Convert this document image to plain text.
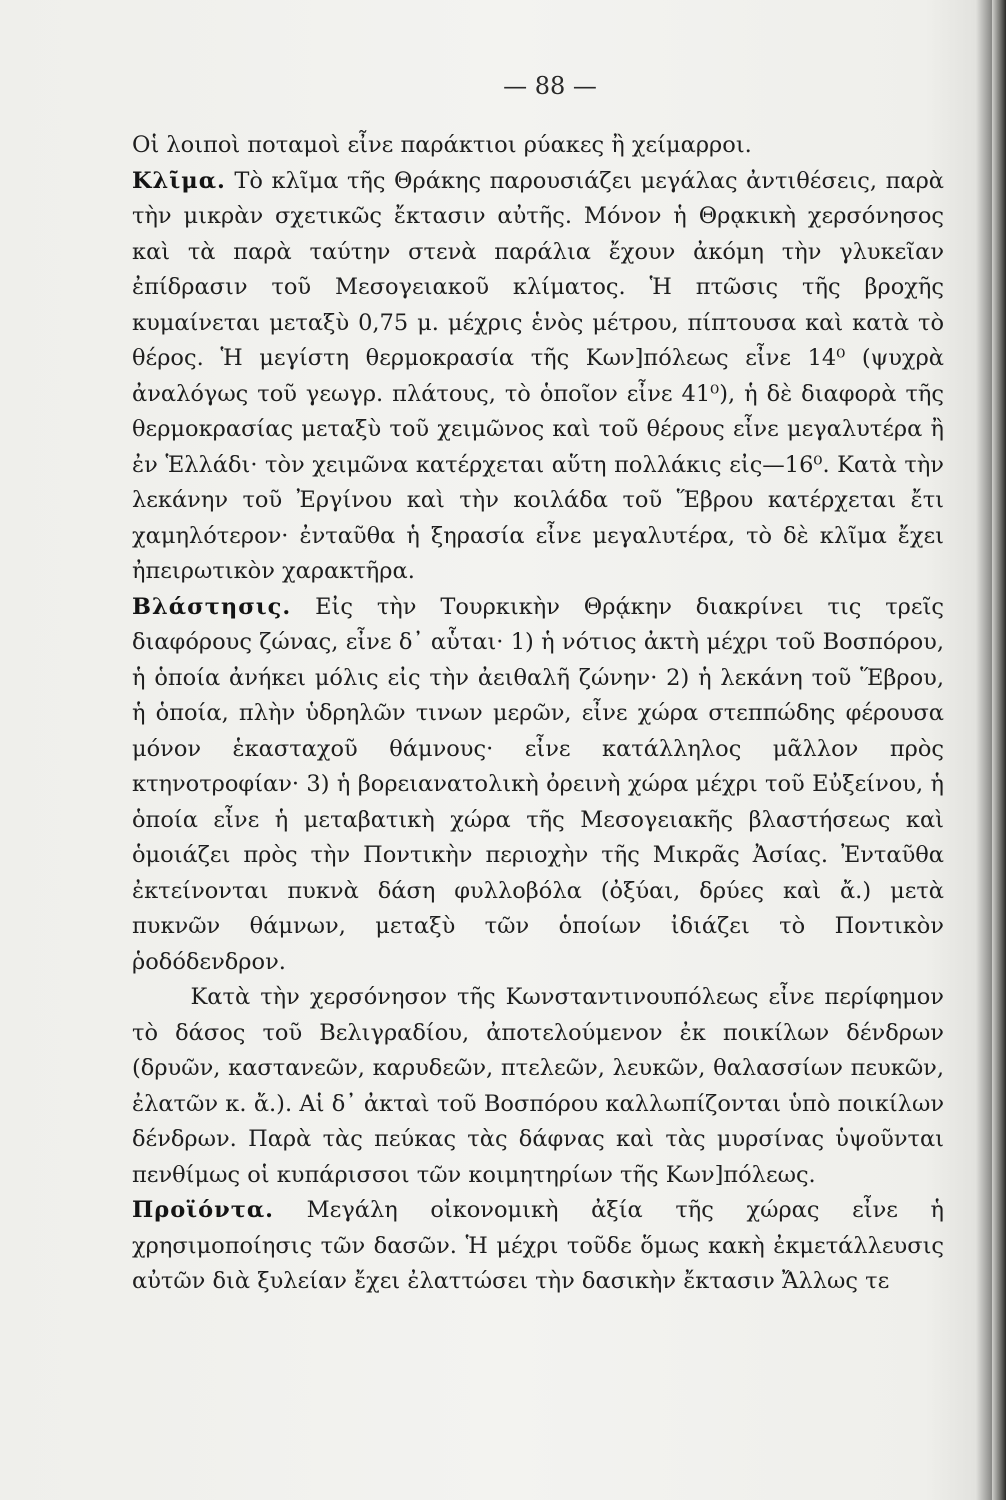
— 88 —

Οἱ λοιποὶ ποταμοὶ εἶνε παράκτιοι ρύακες ἢ χείμαρροι.

Κλῖμα. Τὸ κλῖμα τῆς Θράκης παρουσιάζει μεγάλας ἀντιθέσεις, παρὰ τὴν μικρὰν σχετικῶς ἔκτασιν αὐτῆς. Μόνον ἡ Θρᾳκικὴ χερσόνησος καὶ τὰ παρὰ ταύτην στενὰ παράλια ἔχουν ἀκόμη τὴν γλυκεῖαν ἐπίδρασιν τοῦ Μεσογειακοῦ κλίματος. Ἡ πτῶσις τῆς βροχῆς κυμαίνεται μεταξὺ 0,75 μ. μέχρις ἑνὸς μέτρου, πίπτουσα καὶ κατὰ τὸ θέρος. Ἡ μεγίστη θερμοκρασία τῆς Κων]πόλεως εἶνε 14⁰ (ψυχρὰ ἀναλόγως τοῦ γεωγρ. πλάτους, τὸ ὁποῖον εἶνε 41⁰), ἡ δὲ διαφορὰ τῆς θερμοκρασίας μεταξὺ τοῦ χειμῶνος καὶ τοῦ θέρους εἶνε μεγαλυτέρα ἢ ἐν Ἑλλάδι· τὸν χειμῶνα κατέρχεται αὕτη πολλάκις εἰς—16⁰. Κατὰ τὴν λεκάνην τοῦ Ἐργίνου καὶ τὴν κοιλάδα τοῦ Ἕβρου κατέρχεται ἔτι χαμηλότερον· ἐνταῦθα ἡ ξηρασία εἶνε μεγαλυτέρα, τὸ δὲ κλῖμα ἔχει ἠπειρωτικὸν χαρακτῆρα.

Βλάστησις. Εἰς τὴν Τουρκικὴν Θρᾴκην διακρίνει τις τρεῖς διαφόρους ζώνας, εἶνε δ᾽ αὗται· 1) ἡ νότιος ἀκτὴ μέχρι τοῦ Βοσπόρου, ἡ ὁποία ἀνήκει μόλις εἰς τὴν ἀειθαλῆ ζώνην· 2) ἡ λεκάνη τοῦ Ἕβρου, ἡ ὁποία, πλὴν ὑδρηλῶν τινων μερῶν, εἶνε χώρα στεππώδης φέρουσα μόνον ἑκασταχοῦ θάμνους· εἶνε κατάλληλος μᾶλλον πρὸς κτηνοτροφίαν· 3) ἡ βορειανατολικὴ ὀρεινὴ χώρα μέχρι τοῦ Εὐξείνου, ἡ ὁποία εἶνε ἡ μεταβατικὴ χώρα τῆς Μεσογειακῆς βλαστήσεως καὶ ὁμοιάζει πρὸς τὴν Ποντικὴν περιοχὴν τῆς Μικρᾶς Ἀσίας. Ἐνταῦθα ἐκτείνονται πυκνὰ δάση φυλλοβόλα (ὀξύαι, δρύες καὶ ἄ.) μετὰ πυκνῶν θάμνων, μεταξὺ τῶν ὁποίων ἰδιάζει τὸ Ποντικὸν ῥοδόδενδρον.

Κατὰ τὴν χερσόνησον τῆς Κωνσταντινουπόλεως εἶνε περίφημον τὸ δάσος τοῦ Βελιγραδίου, ἀποτελούμενον ἐκ ποικίλων δένδρων (δρυῶν, καστανεῶν, καρυδεῶν, πτελεῶν, λευκῶν, θαλασσίων πευκῶν, ἐλατῶν κ. ἄ.). Αἱ δ᾽ ἀκταὶ τοῦ Βοσπόρου καλλωπίζονται ὑπὸ ποικίλων δένδρων. Παρὰ τὰς πεύκας τὰς δάφνας καὶ τὰς μυρσίνας ὑψοῦνται πενθίμως οἱ κυπάρισσοι τῶν κοιμητηρίων τῆς Κων]πόλεως.

Προϊόντα. Μεγάλη οἰκονομικὴ ἀξία τῆς χώρας εἶνε ἡ χρησιμοποίησις τῶν δασῶν. Ἡ μέχρι τοῦδε ὅμως κακὴ ἐκμετάλλευσις αὐτῶν διὰ ξυλείαν ἔχει ἐλαττώσει τὴν δασικὴν ἔκτασιν Ἄλλως τε
